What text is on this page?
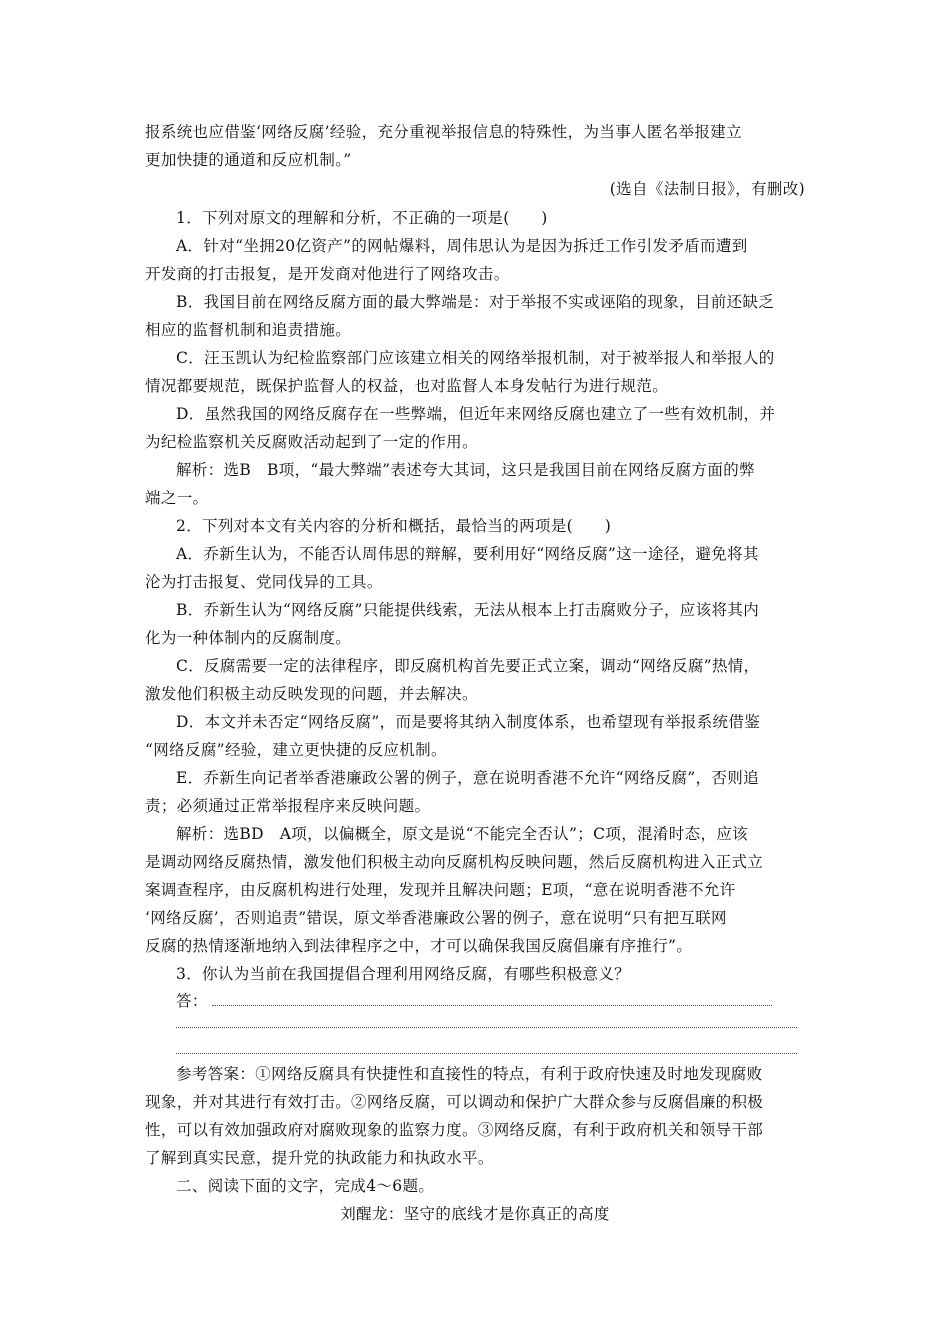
报系统也应借鉴‘网络反腐’经验，充分重视举报信息的特殊性，为当事人匿名举报建立
更加快捷的通道和反应机制。”
(选自《法制日报》，有删改)
1．下列对原文的理解和分析，不正确的一项是(　　)
A．针对“坐拥20亿资产”的网帖爆料，周伟思认为是因为拆迁工作引发矛盾而遭到
开发商的打击报复，是开发商对他进行了网络攻击。
B．我国目前在网络反腐方面的最大弊端是：对于举报不实或诬陷的现象，目前还缺乏
相应的监督机制和追责措施。
C．汪玉凯认为纪检监察部门应该建立相关的网络举报机制，对于被举报人和举报人的
情况都要规范，既保护监督人的权益，也对监督人本身发帖行为进行规范。
D．虽然我国的网络反腐存在一些弊端，但近年来网络反腐也建立了一些有效机制，并
为纪检监察机关反腐败活动起到了一定的作用。
解析：选B　B项，“最大弊端”表述夸大其词，这只是我国目前在网络反腐方面的弊
端之一。
2．下列对本文有关内容的分析和概括，最恰当的两项是(　　)
A．乔新生认为，不能否认周伟思的辩解，要利用好“网络反腐”这一途径，避免将其
沦为打击报复、党同伐异的工具。
B．乔新生认为“网络反腐”只能提供线索，无法从根本上打击腐败分子，应该将其内
化为一种体制内的反腐制度。
C．反腐需要一定的法律程序，即反腐机构首先要正式立案，调动“网络反腐”热情，
激发他们积极主动反映发现的问题，并去解决。
D．本文并未否定“网络反腐”，而是要将其纳入制度体系，也希望现有举报系统借鉴
“网络反腐”经验，建立更快捷的反应机制。
E．乔新生向记者举香港廉政公署的例子，意在说明香港不允许“网络反腐”，否则追
责；必须通过正常举报程序来反映问题。
解析：选BD　A项，以偏概全，原文是说“不能完全否认”；C项，混淆时态，应该
是调动网络反腐热情，激发他们积极主动向反腐机构反映问题，然后反腐机构进入正式立
案调查程序，由反腐机构进行处理，发现并且解决问题；E项，“意在说明香港不允许
‘网络反腐’，否则追责”错误，原文举香港廉政公署的例子，意在说明“只有把互联网
反腐的热情逐渐地纳入到法律程序之中，才可以确保我国反腐倡廉有序推行”。
3．你认为当前在我国提倡合理利用网络反腐，有哪些积极意义？
答：
参考答案：①网络反腐具有快捷性和直接性的特点，有利于政府快速及时地发现腐败
现象，并对其进行有效打击。②网络反腐，可以调动和保护广大群众参与反腐倡廉的积极
性，可以有效加强政府对腐败现象的监察力度。③网络反腐，有利于政府机关和领导干部
了解到真实民意，提升党的执政能力和执政水平。
二、阅读下面的文字，完成4～6题。
刘醒龙：坚守的底线才是你真正的高度
